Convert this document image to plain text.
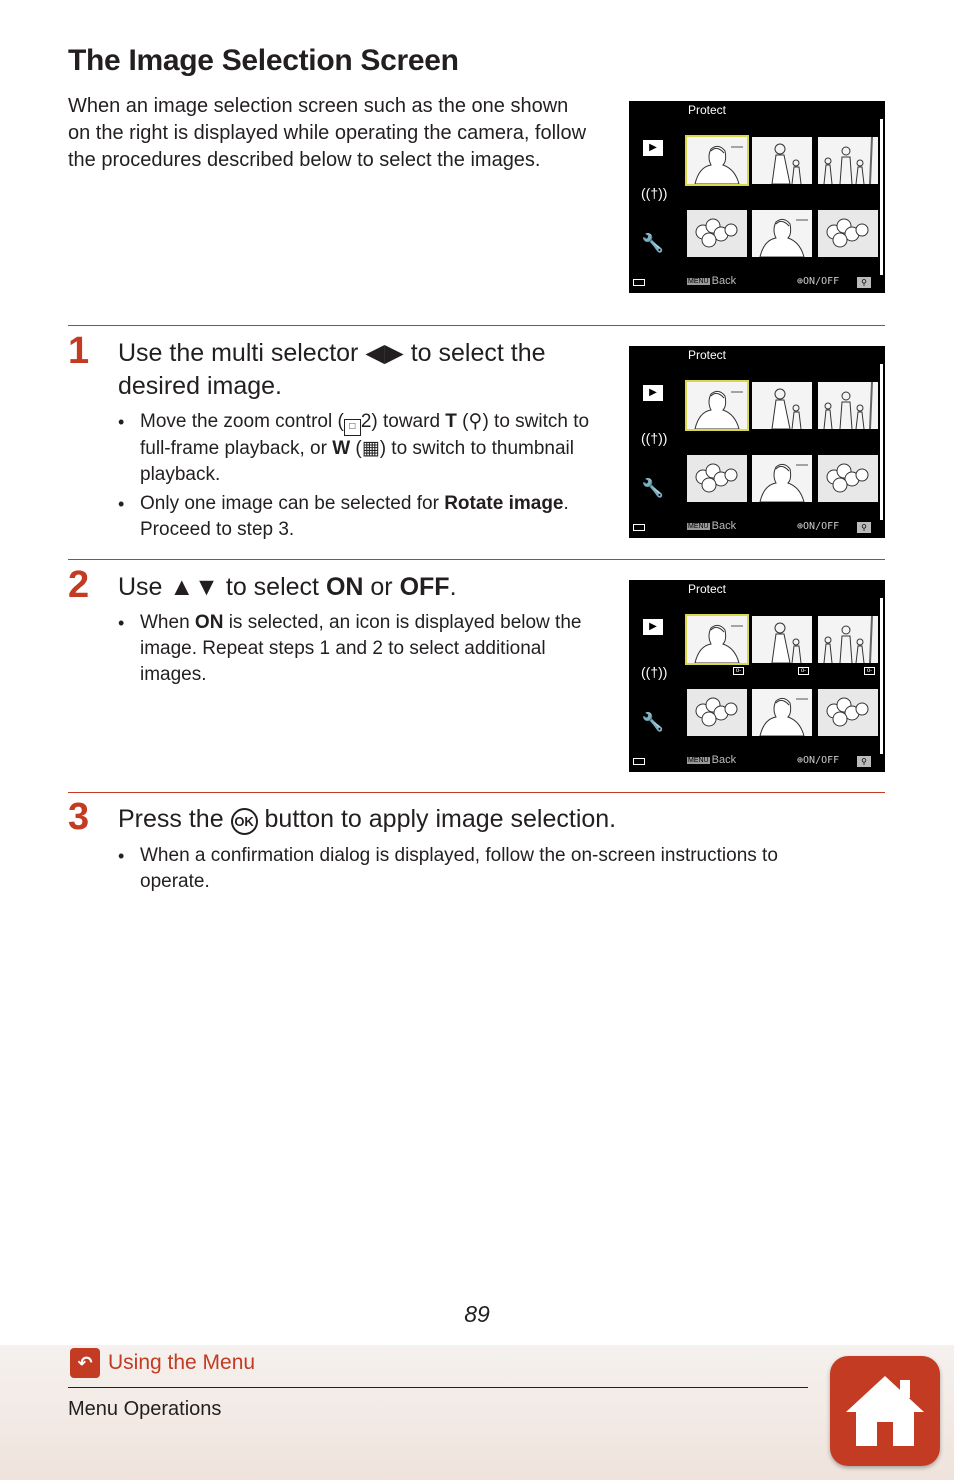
The Image Selection Screen
When an image selection screen such as the one shown on the right is displayed while operating the camera, follow the procedures described below to select the images.
Protect
▶
((†))
🔧
MENU Back	⊕ON/OFF	⚲
1 Use the multi selector ◀▶ to select the desired image.
• Move the zoom control ( □ 2) toward T (⚲) to switch to full-frame playback, or W (▦) to switch to thumbnail playback.
• Only one image can be selected for Rotate image. Proceed to step 3.
Protect
▶
((†))
🔧
MENU Back	⊕ON/OFF	⚲
2 Use ▲▼ to select ON or OFF.
• When ON is selected, an icon is displayed below the image. Repeat steps 1 and 2 to select additional images.
Protect
▶
((†))
🔧
o-	o-	o-
MENU Back	⊕ON/OFF	⚲
3 Press the OK button to apply image selection.
• When a confirmation dialog is displayed, follow the on-screen instructions to operate.
89
↶ Using the Menu
Menu Operations
